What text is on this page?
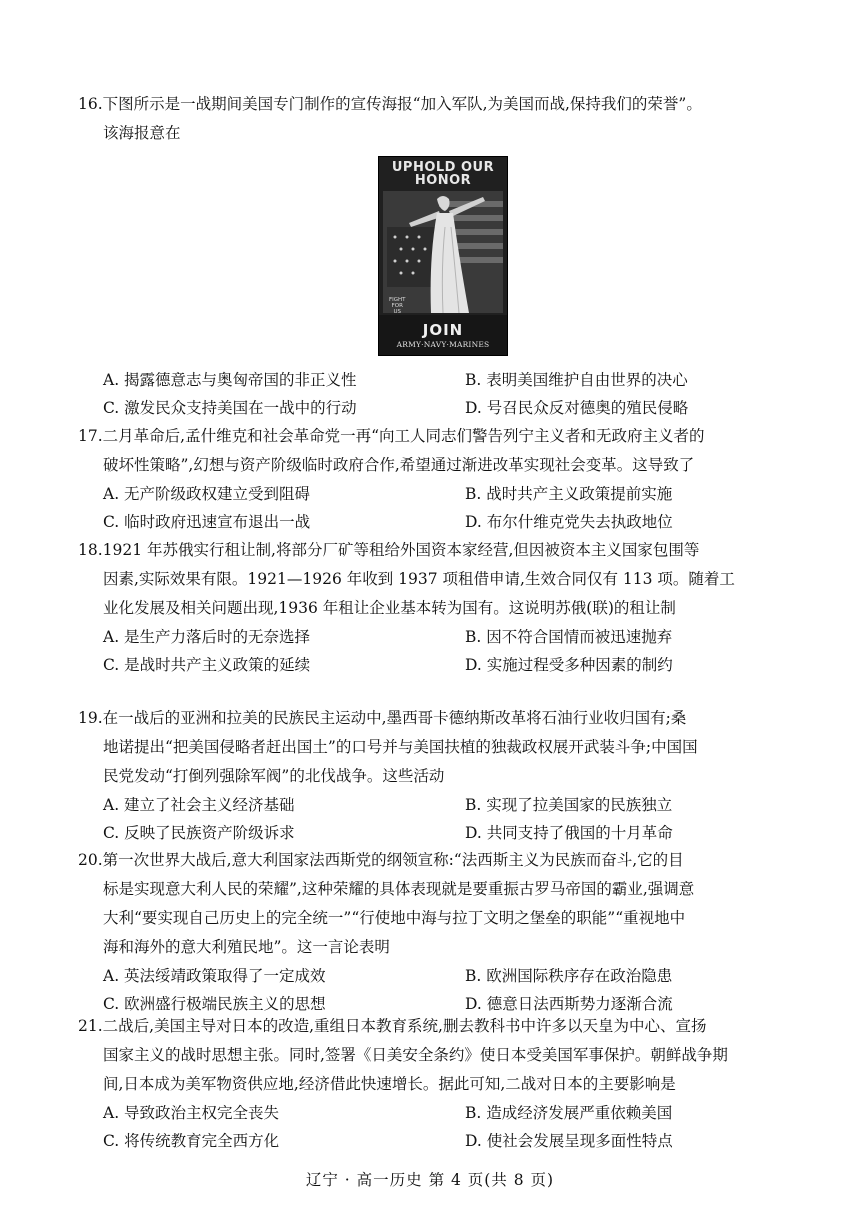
16.下图所示是一战期间美国专门制作的宣传海报“加入军队,为美国而战,保持我们的荣誉”。
该海报意在
UPHOLD OUR
HONOR
FIGHT
FOR
US
JOIN
ARMY·NAVY·MARINES
A. 揭露德意志与奥匈帝国的非正义性	B. 表明美国维护自由世界的决心
C. 激发民众支持美国在一战中的行动	D. 号召民众反对德奥的殖民侵略
17.二月革命后,孟什维克和社会革命党一再“向工人同志们警告列宁主义者和无政府主义者的
破坏性策略”,幻想与资产阶级临时政府合作,希望通过渐进改革实现社会变革。这导致了
A. 无产阶级政权建立受到阻碍	B. 战时共产主义政策提前实施
C. 临时政府迅速宣布退出一战	D. 布尔什维克党失去执政地位
18.1921 年苏俄实行租让制,将部分厂矿等租给外国资本家经营,但因被资本主义国家包围等
因素,实际效果有限。1921—1926 年收到 1937 项租借申请,生效合同仅有 113 项。随着工
业化发展及相关问题出现,1936 年租让企业基本转为国有。这说明苏俄(联)的租让制
A. 是生产力落后时的无奈选择	B. 因不符合国情而被迅速抛弃
C. 是战时共产主义政策的延续	D. 实施过程受多种因素的制约
19.在一战后的亚洲和拉美的民族民主运动中,墨西哥卡德纳斯改革将石油行业收归国有;桑
地诺提出“把美国侵略者赶出国土”的口号并与美国扶植的独裁政权展开武装斗争;中国国
民党发动“打倒列强除军阀”的北伐战争。这些活动
A. 建立了社会主义经济基础	B. 实现了拉美国家的民族独立
C. 反映了民族资产阶级诉求	D. 共同支持了俄国的十月革命
20.第一次世界大战后,意大利国家法西斯党的纲领宣称:“法西斯主义为民族而奋斗,它的目
标是实现意大利人民的荣耀”,这种荣耀的具体表现就是要重振古罗马帝国的霸业,强调意
大利“要实现自己历史上的完全统一”“行使地中海与拉丁文明之堡垒的职能”“重视地中
海和海外的意大利殖民地”。这一言论表明
A. 英法绥靖政策取得了一定成效	B. 欧洲国际秩序存在政治隐患
C. 欧洲盛行极端民族主义的思想	D. 德意日法西斯势力逐渐合流
21.二战后,美国主导对日本的改造,重组日本教育系统,删去教科书中许多以天皇为中心、宣扬
国家主义的战时思想主张。同时,签署《日美安全条约》使日本受美国军事保护。朝鲜战争期
间,日本成为美军物资供应地,经济借此快速增长。据此可知,二战对日本的主要影响是
A. 导致政治主权完全丧失	B. 造成经济发展严重依赖美国
C. 将传统教育完全西方化	D. 使社会发展呈现多面性特点
辽宁 · 高一历史 第 4 页(共 8 页)
